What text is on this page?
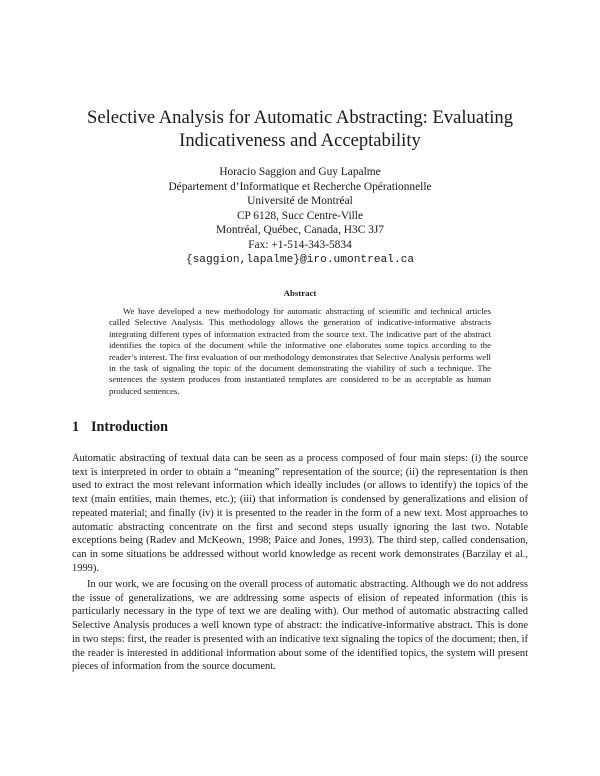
Selective Analysis for Automatic Abstracting: Evaluating Indicativeness and Acceptability
Horacio Saggion and Guy Lapalme
Département d’Informatique et Recherche Opérationnelle
Université de Montréal
CP 6128, Succ Centre-Ville
Montréal, Québec, Canada, H3C 3J7
Fax: +1-514-343-5834
{saggion,lapalme}@iro.umontreal.ca
Abstract
We have developed a new methodology for automatic abstracting of scientific and technical articles called Selective Analysis. This methodology allows the generation of indicative-informative abstracts integrating different types of information extracted from the source text. The indicative part of the abstract identifies the topics of the document while the informative one elaborates some topics according to the reader’s interest. The first evaluation of our methodology demonstrates that Selective Analysis performs well in the task of signaling the topic of the document demonstrating the viability of such a technique. The sentences the system produces from instantiated templates are considered to be as acceptable as human produced sentences.
1 Introduction
Automatic abstracting of textual data can be seen as a process composed of four main steps: (i) the source text is interpreted in order to obtain a “meaning” representation of the source; (ii) the representation is then used to extract the most relevant information which ideally includes (or allows to identify) the topics of the text (main entities, main themes, etc.); (iii) that information is condensed by generalizations and elision of repeated material; and finally (iv) it is presented to the reader in the form of a new text. Most approaches to automatic abstracting concentrate on the first and second steps usually ignoring the last two. Notable exceptions being (Radev and McKeown, 1998; Paice and Jones, 1993). The third step, called condensation, can in some situations be addressed without world knowledge as recent work demonstrates (Barzilay et al., 1999).
In our work, we are focusing on the overall process of automatic abstracting. Although we do not address the issue of generalizations, we are addressing some aspects of elision of repeated information (this is particularly necessary in the type of text we are dealing with). Our method of automatic abstracting called Selective Analysis produces a well known type of abstract: the indicative-informative abstract. This is done in two steps: first, the reader is presented with an indicative text signaling the topics of the document; then, if the reader is interested in additional information about some of the identified topics, the system will present pieces of information from the source document.
